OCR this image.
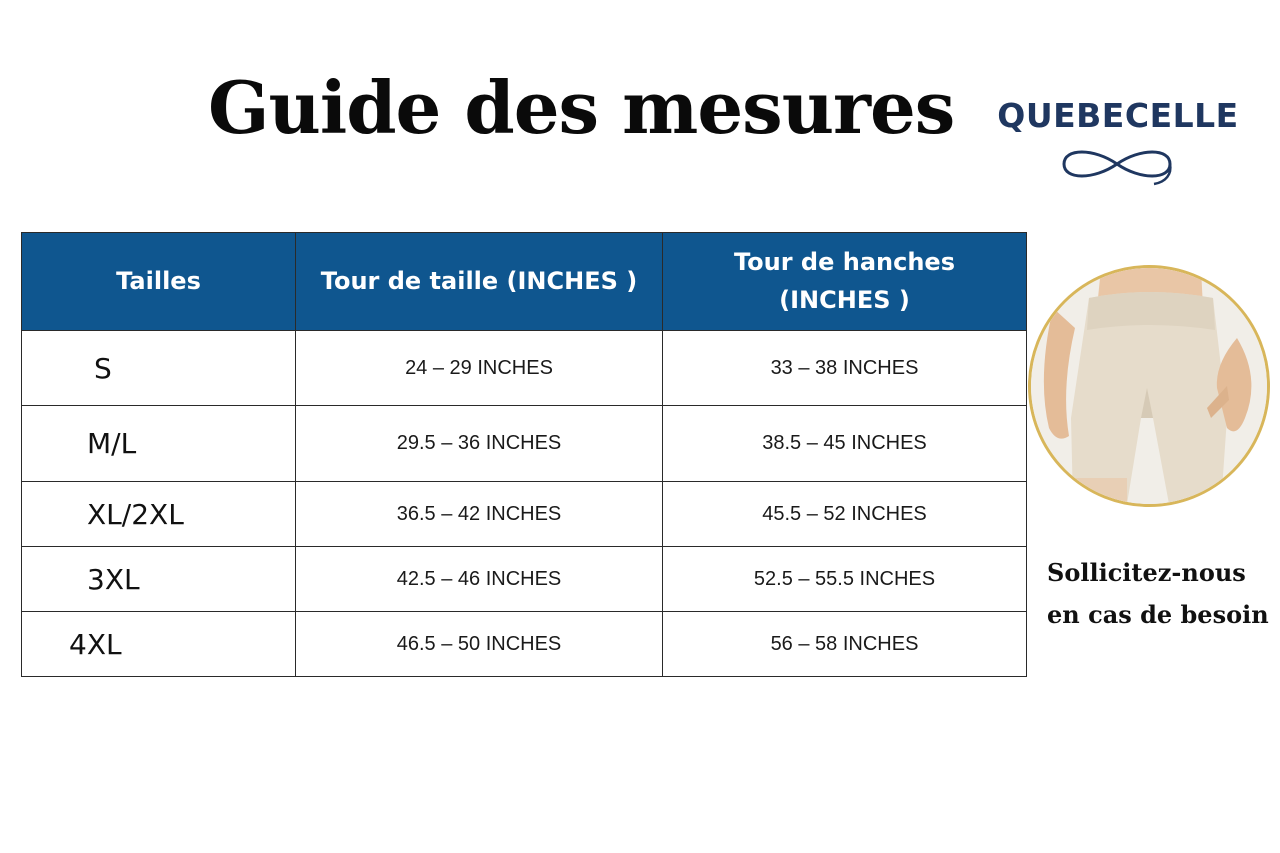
Guide des mesures QUEBECELLE
Tailles	Tour de taille (INCHES )	Tour de hanches (INCHES )
S	24 – 29 INCHES	33 – 38 INCHES
M/L	29.5 – 36 INCHES	38.5 – 45 INCHES
XL/2XL	36.5 – 42 INCHES	45.5 – 52 INCHES
3XL	42.5 – 46 INCHES	52.5 – 55.5 INCHES
4XL	46.5 – 50 INCHES	56 – 58 INCHES
Sollicitez-nous
en cas de besoin
